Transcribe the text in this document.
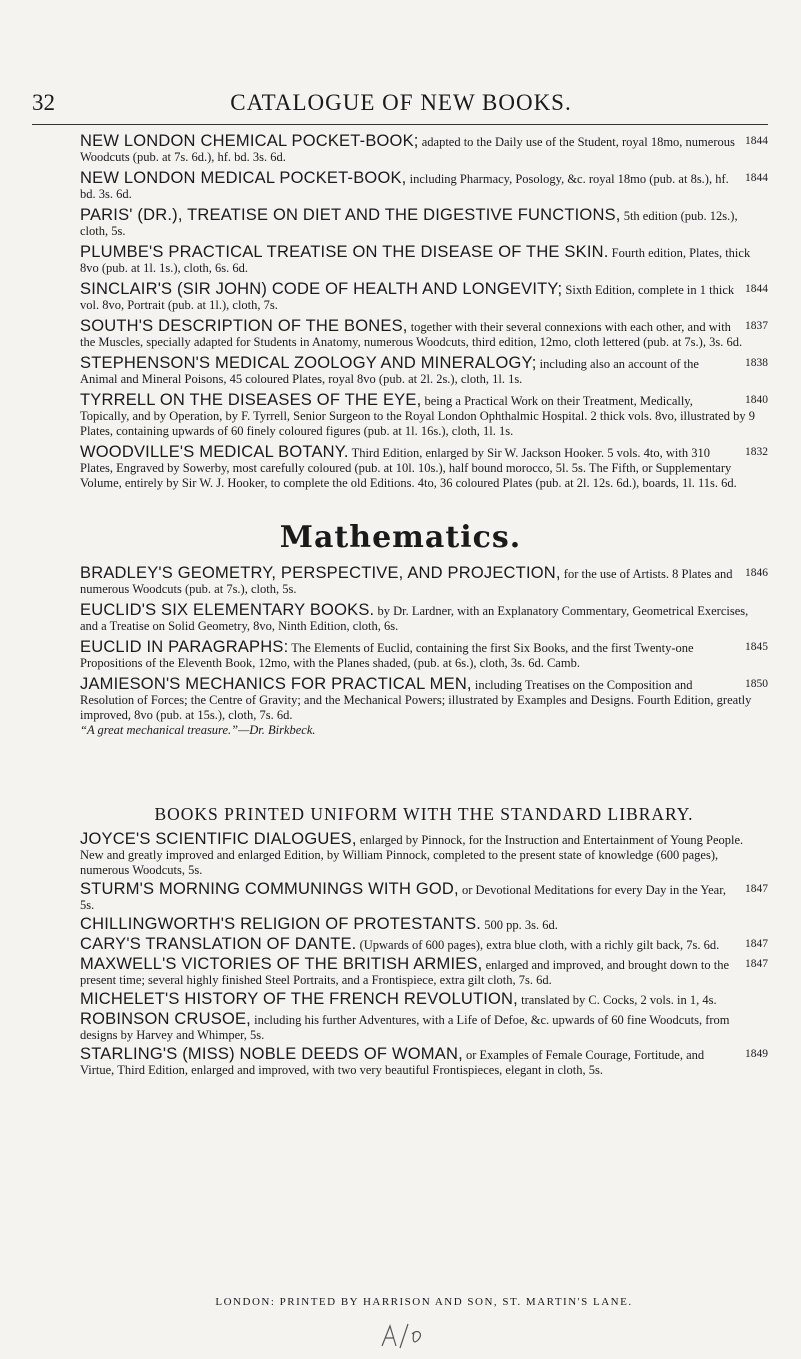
32	CATALOGUE OF NEW BOOKS.
1844
NEW LONDON CHEMICAL POCKET-BOOK; adapted to the Daily use of the Student, royal 18mo, numerous Woodcuts (pub. at 7s. 6d.), hf. bd. 3s. 6d.
1844
NEW LONDON MEDICAL POCKET-BOOK, including Pharmacy, Posology, &c. royal 18mo (pub. at 8s.), hf. bd. 3s. 6d.
PARIS' (DR.), TREATISE ON DIET AND THE DIGESTIVE FUNCTIONS, 5th edition (pub. 12s.), cloth, 5s.
PLUMBE'S PRACTICAL TREATISE ON THE DISEASE OF THE SKIN. Fourth edition, Plates, thick 8vo (pub. at 1l. 1s.), cloth, 6s. 6d.
1844
SINCLAIR'S (SIR JOHN) CODE OF HEALTH AND LONGEVITY; Sixth Edition, complete in 1 thick vol. 8vo, Portrait (pub. at 1l.), cloth, 7s.
1837
SOUTH'S DESCRIPTION OF THE BONES, together with their several connexions with each other, and with the Muscles, specially adapted for Students in Anatomy, numerous Woodcuts, third edition, 12mo, cloth lettered (pub. at 7s.), 3s. 6d.
1838
STEPHENSON'S MEDICAL ZOOLOGY AND MINERALOGY; including also an account of the Animal and Mineral Poisons, 45 coloured Plates, royal 8vo (pub. at 2l. 2s.), cloth, 1l. 1s.
1840
TYRRELL ON THE DISEASES OF THE EYE, being a Practical Work on their Treatment, Medically, Topically, and by Operation, by F. Tyrrell, Senior Surgeon to the Royal London Ophthalmic Hospital. 2 thick vols. 8vo, illustrated by 9 Plates, containing upwards of 60 finely coloured figures (pub. at 1l. 16s.), cloth, 1l. 1s.
1832
WOODVILLE'S MEDICAL BOTANY. Third Edition, enlarged by Sir W. Jackson Hooker. 5 vols. 4to, with 310 Plates, Engraved by Sowerby, most carefully coloured (pub. at 10l. 10s.), half bound morocco, 5l. 5s. The Fifth, or Supplementary Volume, entirely by Sir W. J. Hooker, to complete the old Editions. 4to, 36 coloured Plates (pub. at 2l. 12s. 6d.), boards, 1l. 11s. 6d.
Mathematics.
1846
BRADLEY'S GEOMETRY, PERSPECTIVE, AND PROJECTION, for the use of Artists. 8 Plates and numerous Woodcuts (pub. at 7s.), cloth, 5s.
EUCLID'S SIX ELEMENTARY BOOKS. by Dr. Lardner, with an Explanatory Commentary, Geometrical Exercises, and a Treatise on Solid Geometry, 8vo, Ninth Edition, cloth, 6s.
1845
EUCLID IN PARAGRAPHS: The Elements of Euclid, containing the first Six Books, and the first Twenty-one Propositions of the Eleventh Book, 12mo, with the Planes shaded, (pub. at 6s.), cloth, 3s. 6d. Camb.
1850
JAMIESON'S MECHANICS FOR PRACTICAL MEN, including Treatises on the Composition and Resolution of Forces; the Centre of Gravity; and the Mechanical Powers; illustrated by Examples and Designs. Fourth Edition, greatly improved, 8vo (pub. at 15s.), cloth, 7s. 6d.
“A great mechanical treasure.”—Dr. Birkbeck.
BOOKS PRINTED UNIFORM WITH THE STANDARD LIBRARY.
JOYCE'S SCIENTIFIC DIALOGUES, enlarged by Pinnock, for the Instruction and Entertainment of Young People. New and greatly improved and enlarged Edition, by William Pinnock, completed to the present state of knowledge (600 pages), numerous Woodcuts, 5s.
1847
STURM'S MORNING COMMUNINGS WITH GOD, or Devotional Meditations for every Day in the Year, 5s.
CHILLINGWORTH'S RELIGION OF PROTESTANTS. 500 pp. 3s. 6d.
1847
CARY'S TRANSLATION OF DANTE. (Upwards of 600 pages), extra blue cloth, with a richly gilt back, 7s. 6d.
1847
MAXWELL'S VICTORIES OF THE BRITISH ARMIES, enlarged and improved, and brought down to the present time; several highly finished Steel Portraits, and a Frontispiece, extra gilt cloth, 7s. 6d.
MICHELET'S HISTORY OF THE FRENCH REVOLUTION, translated by C. Cocks, 2 vols. in 1, 4s.
ROBINSON CRUSOE, including his further Adventures, with a Life of Defoe, &c. upwards of 60 fine Woodcuts, from designs by Harvey and Whimper, 5s.
1849
STARLING'S (MISS) NOBLE DEEDS OF WOMAN, or Examples of Female Courage, Fortitude, and Virtue, Third Edition, enlarged and improved, with two very beautiful Frontispieces, elegant in cloth, 5s.
LONDON: PRINTED BY HARRISON AND SON, ST. MARTIN'S LANE.
